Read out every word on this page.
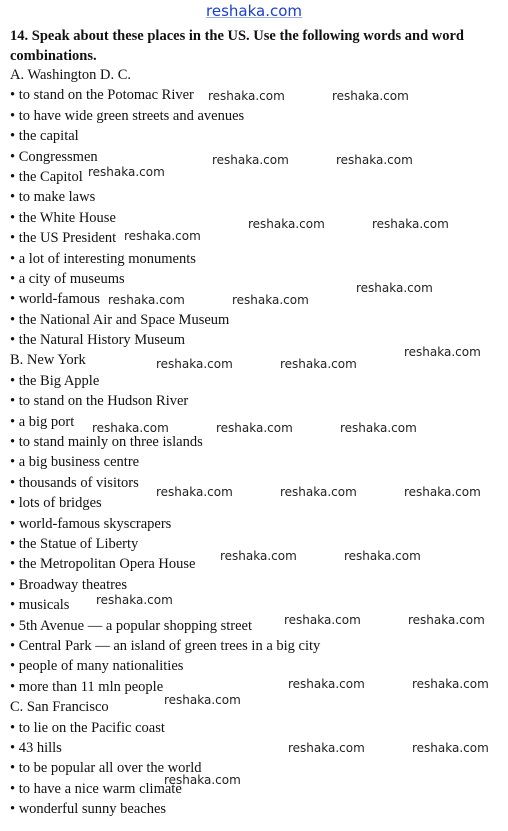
reshaka.com
14. Speak about these places in the US. Use the following words and word combinations.
A. Washington D. C.
• to stand on the Potomac River
• to have wide green streets and avenues
• the capital
• Congressmen
• the Capitol
• to make laws
• the White House
• the US President
• a lot of interesting monuments
• a city of museums
• world-famous
• the National Air and Space Museum
• the Natural History Museum
B. New York
• the Big Apple
• to stand on the Hudson River
• a big port
• to stand mainly on three islands
• a big business centre
• thousands of visitors
• lots of bridges
• world-famous skyscrapers
• the Statue of Liberty
• the Metropolitan Opera House
• Broadway theatres
• musicals
• 5th Avenue — a popular shopping street
• Central Park — an island of green trees in a big city
• people of many nationalities
• more than 11 mln people
C. San Francisco
• to lie on the Pacific coast
• 43 hills
• to be popular all over the world
• to have a nice warm climate
• wonderful sunny beaches
reshaka.com	reshaka.com
reshaka.com	reshaka.com
reshaka.com
reshaka.com	reshaka.com
reshaka.com
reshaka.com
reshaka.com	reshaka.com
reshaka.com
reshaka.com	reshaka.com
reshaka.com	reshaka.com	reshaka.com
reshaka.com	reshaka.com	reshaka.com
reshaka.com	reshaka.com
reshaka.com
reshaka.com	reshaka.com
reshaka.com	reshaka.com
reshaka.com
reshaka.com	reshaka.com
reshaka.com
